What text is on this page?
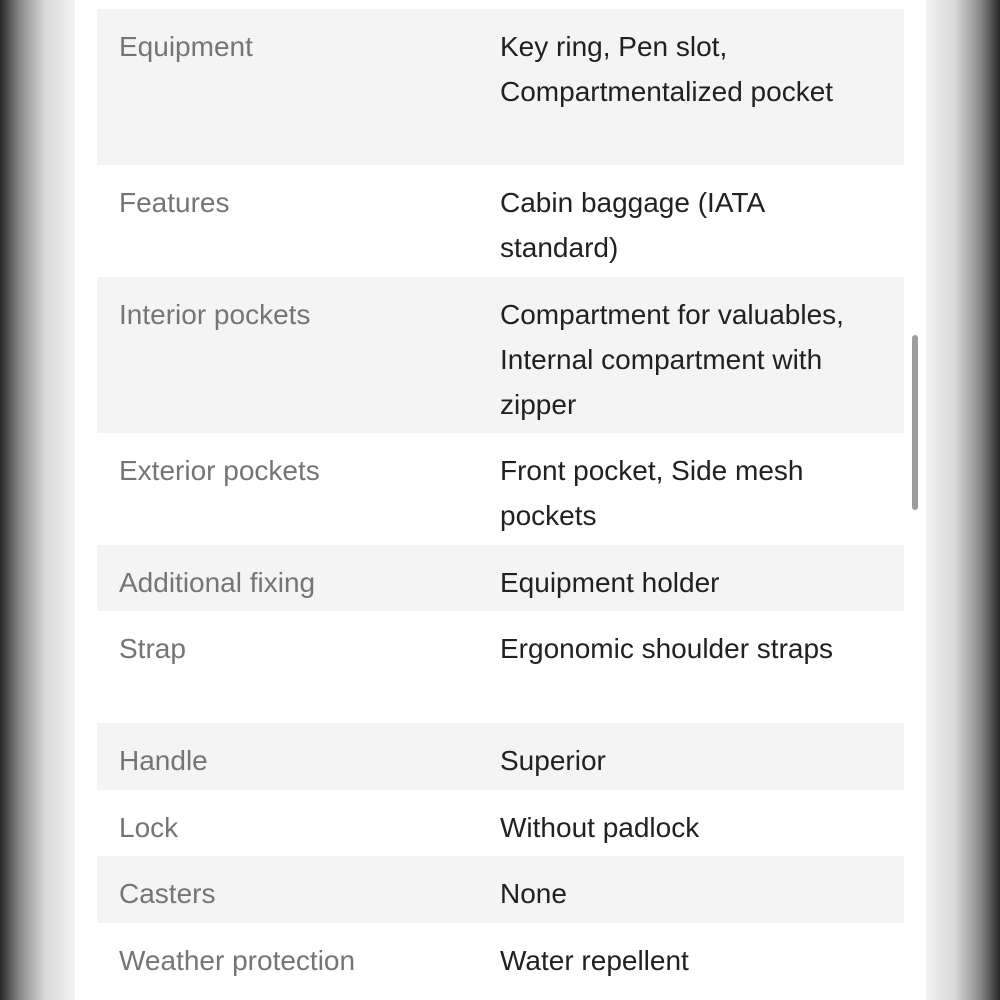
Equipment	Key ring, Pen slot, Compartmentalized pocket
Features	Cabin baggage (IATA standard)
Interior pockets	Compartment for valuables, Internal compartment with zipper
Exterior pockets	Front pocket, Side mesh pockets
Additional fixing	Equipment holder
Strap	Ergonomic shoulder straps
Handle	Superior
Lock	Without padlock
Casters	None
Weather protection	Water repellent
